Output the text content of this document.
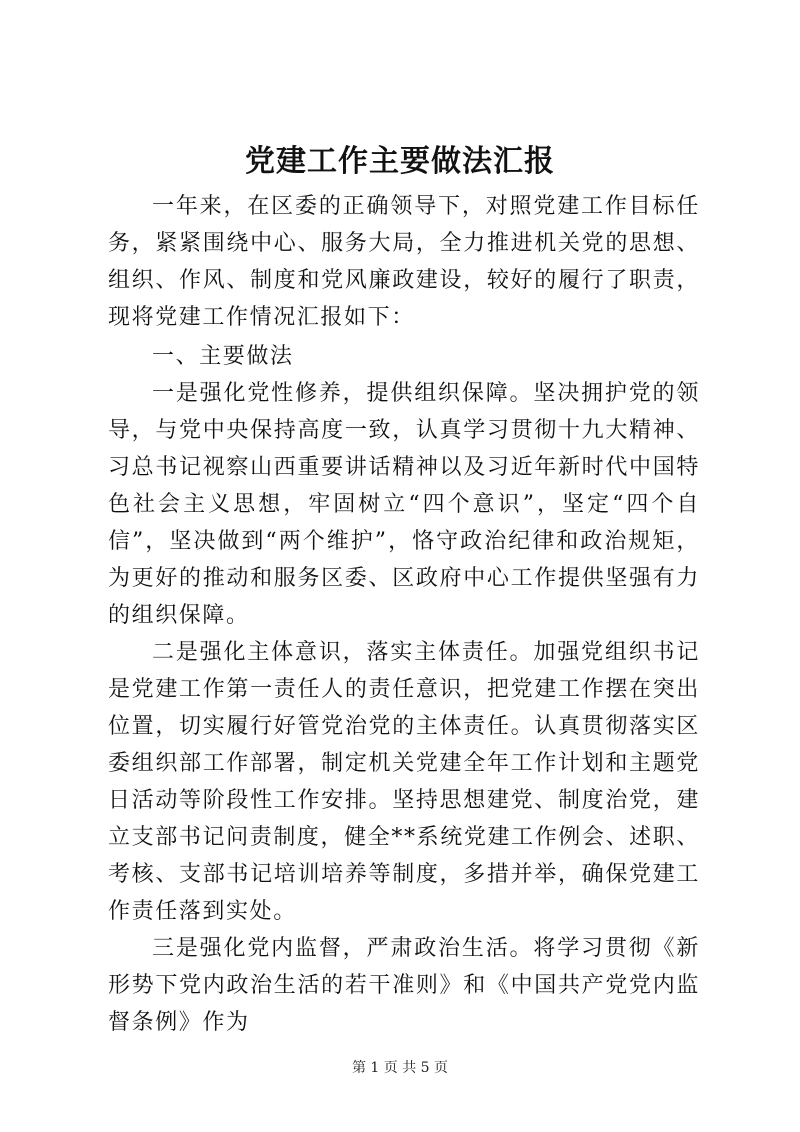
党建工作主要做法汇报

一年来，在区委的正确领导下，对照党建工作目标任务，紧紧围绕中心、服务大局，全力推进机关党的思想、组织、作风、制度和党风廉政建设，较好的履行了职责，现将党建工作情况汇报如下：

一、主要做法

一是强化党性修养，提供组织保障。坚决拥护党的领导，与党中央保持高度一致，认真学习贯彻十九大精神、习总书记视察山西重要讲话精神以及习近年新时代中国特色社会主义思想，牢固树立“四个意识”，坚定“四个自信”，坚决做到“两个维护”，恪守政治纪律和政治规矩，为更好的推动和服务区委、区政府中心工作提供坚强有力的组织保障。

二是强化主体意识，落实主体责任。加强党组织书记是党建工作第一责任人的责任意识，把党建工作摆在突出位置，切实履行好管党治党的主体责任。认真贯彻落实区委组织部工作部署，制定机关党建全年工作计划和主题党日活动等阶段性工作安排。坚持思想建党、制度治党，建立支部书记问责制度，健全**系统党建工作例会、述职、考核、支部书记培训培养等制度，多措并举，确保党建工作责任落到实处。

三是强化党内监督，严肃政治生活。将学习贯彻《新形势下党内政治生活的若干准则》和《中国共产党党内监督条例》作为

第 1 页 共 5 页
